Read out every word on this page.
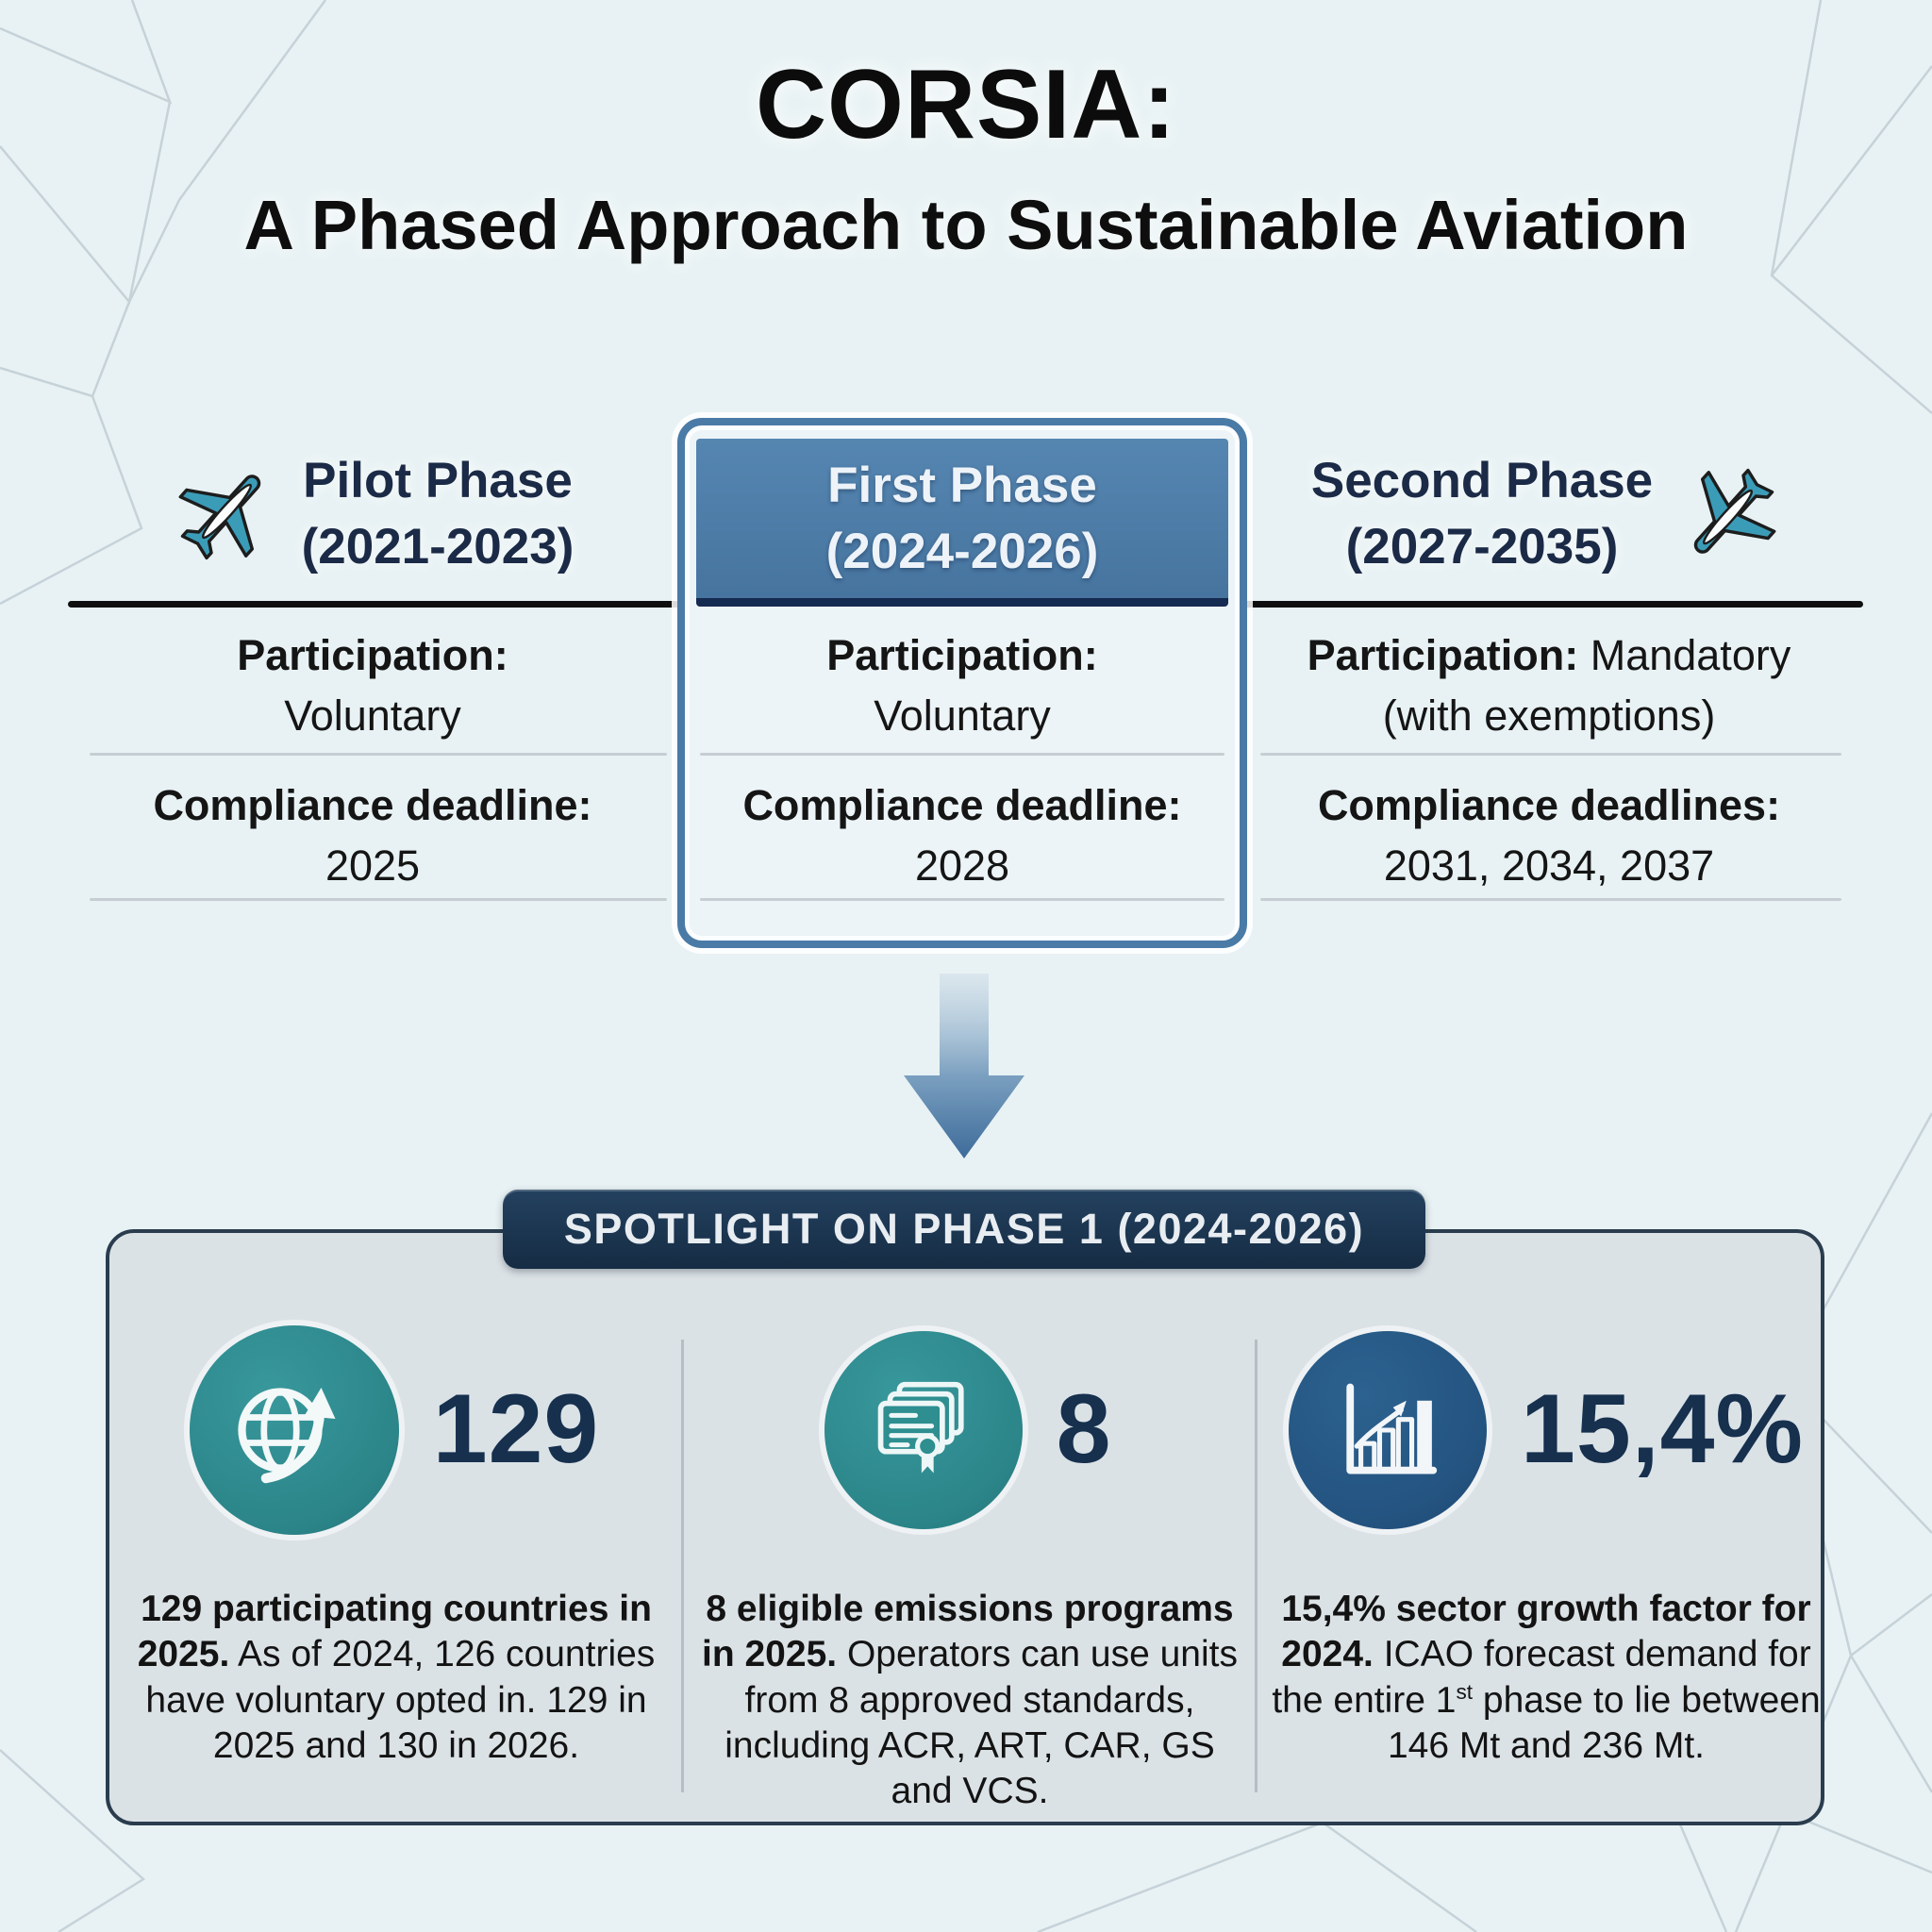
CORSIA:
A Phased Approach to Sustainable Aviation
Pilot Phase
(2021-2023)
Second Phase
(2027-2035)
First Phase
(2024-2026)
Participation:
Voluntary
Participation:
Voluntary
Participation: Mandatory
(with exemptions)
Compliance deadline:
2025
Compliance deadline:
2028
Compliance deadlines:
2031, 2034, 2037
SPOTLIGHT ON PHASE 1 (2024-2026)
129
129 participating countries in 2025. As of 2024, 126 countries have voluntary opted in. 129 in 2025 and 130 in 2026.
8
8 eligible emissions programs in 2025. Operators can use units from 8 approved standards, including ACR, ART, CAR, GS and VCS.
15,4%
15,4% sector growth factor for 2024. ICAO forecast demand for the entire 1st phase to lie between 146 Mt and 236 Mt.
